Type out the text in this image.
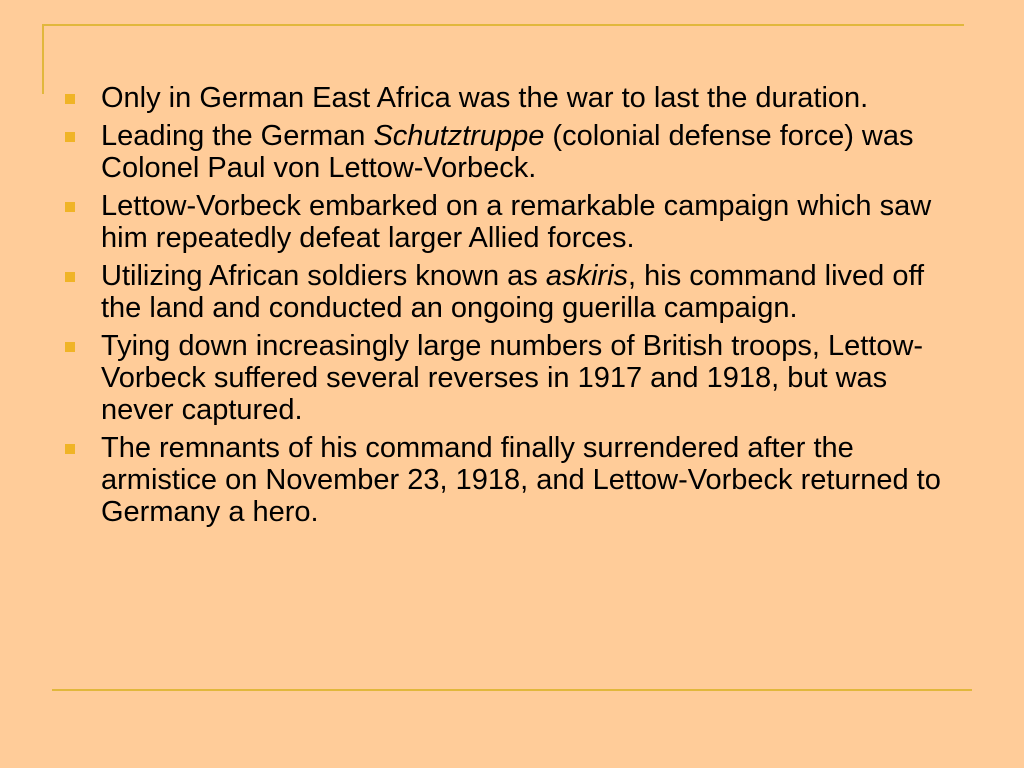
Only in German East Africa was the war to last the duration.
Leading the German Schutztruppe (colonial defense force) was Colonel Paul von Lettow-Vorbeck.
Lettow-Vorbeck embarked on a remarkable campaign which saw him repeatedly defeat larger Allied forces.
Utilizing African soldiers known as askiris, his command lived off the land and conducted an ongoing guerilla campaign.
Tying down increasingly large numbers of British troops, Lettow-Vorbeck suffered several reverses in 1917 and 1918, but was never captured.
The remnants of his command finally surrendered after the armistice on November 23, 1918, and Lettow-Vorbeck returned to Germany a hero.
